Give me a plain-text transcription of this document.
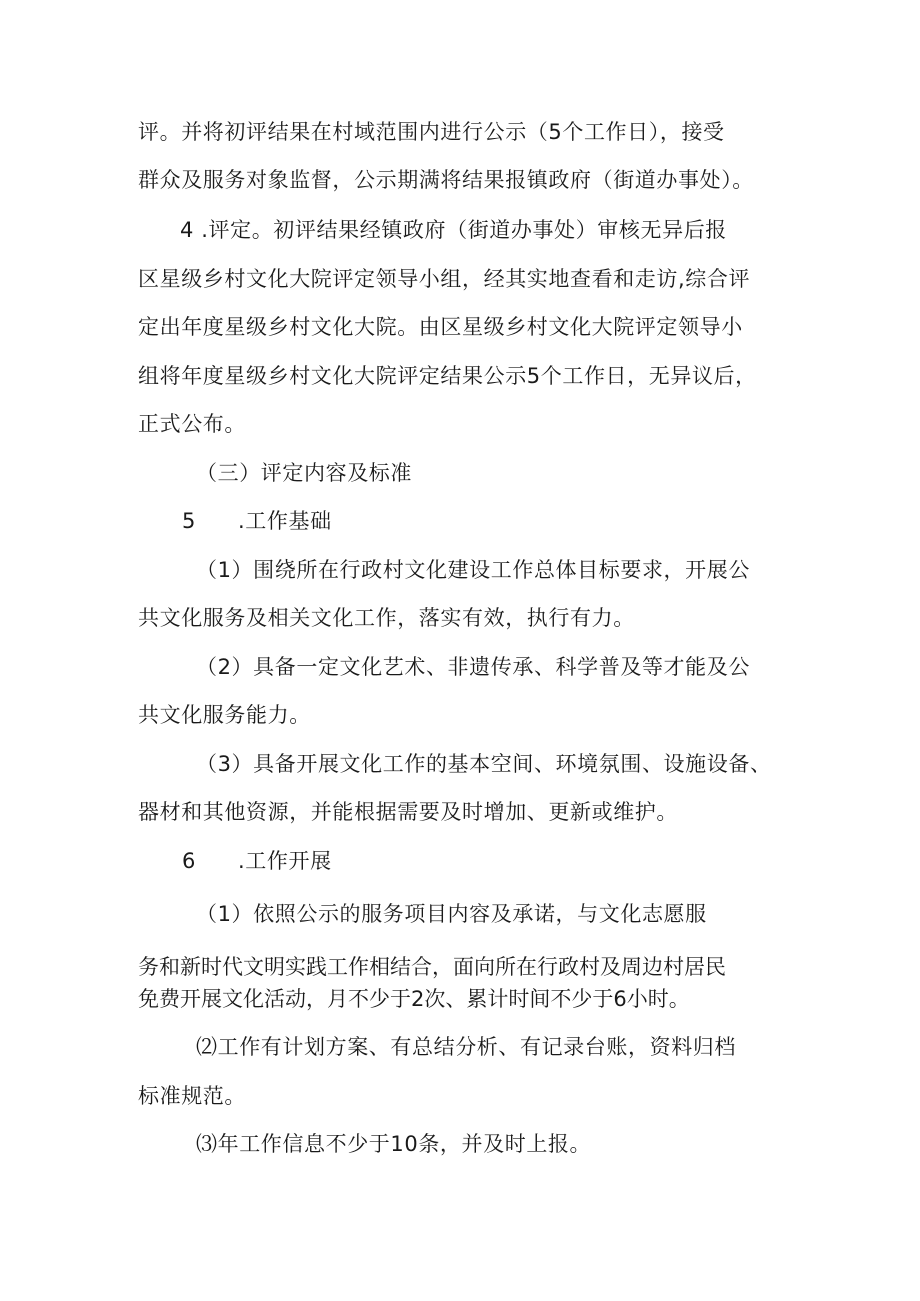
评。并将初评结果在村域范围内进行公示（5个工作日），接受
群众及服务对象监督，公示期满将结果报镇政府（街道办事处）。
4 .评定。初评结果经镇政府（街道办事处）审核无异后报
区星级乡村文化大院评定领导小组，经其实地查看和走访,综合评
定出年度星级乡村文化大院。由区星级乡村文化大院评定领导小
组将年度星级乡村文化大院评定结果公示5个工作日，无异议后，
正式公布。
（三）评定内容及标准
5 .工作基础
（1）围绕所在行政村文化建设工作总体目标要求，开展公
共文化服务及相关文化工作，落实有效，执行有力。
（2）具备一定文化艺术、非遗传承、科学普及等才能及公
共文化服务能力。
（3）具备开展文化工作的基本空间、环境氛围、设施设备、
器材和其他资源，并能根据需要及时增加、更新或维护。
6 .工作开展
（1）依照公示的服务项目内容及承诺，与文化志愿服
务和新时代文明实践工作相结合，面向所在行政村及周边村居民
免费开展文化活动，月不少于2次、累计时间不少于6小时。
⑵工作有计划方案、有总结分析、有记录台账，资料归档
标准规范。
⑶年工作信息不少于10条，并及时上报。
